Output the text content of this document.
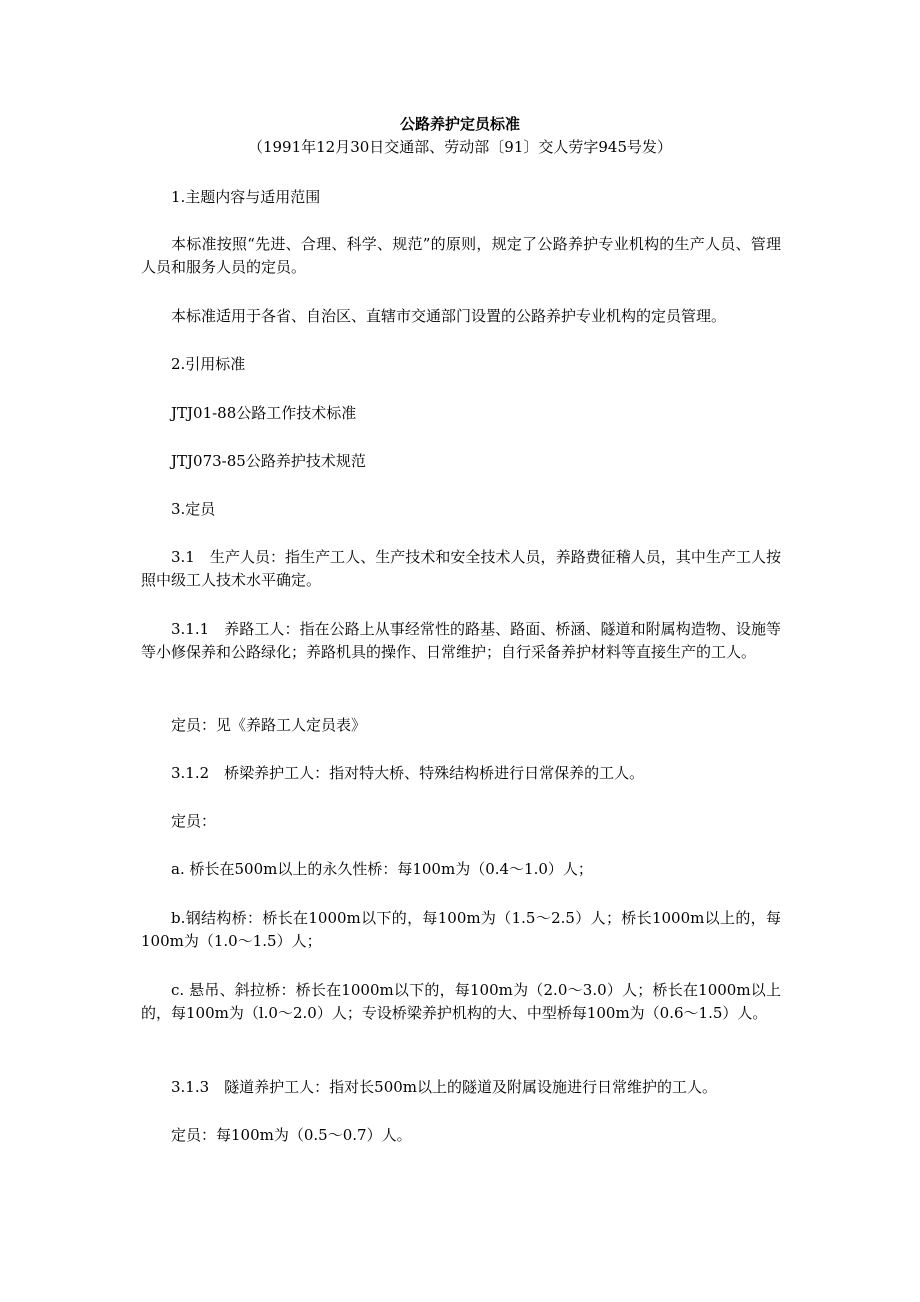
公路养护定员标准
（1991年12月30日交通部、劳动部〔91〕交人劳字945号发）

1.主题内容与适用范围

本标准按照“先进、合理、科学、规范”的原则，规定了公路养护专业机构的生产人员、管理人员和服务人员的定员。

本标准适用于各省、自治区、直辖市交通部门设置的公路养护专业机构的定员管理。

2.引用标准

JTJ01-88公路工作技术标准

JTJ073-85公路养护技术规范

3.定员

3.1　生产人员：指生产工人、生产技术和安全技术人员，养路费征稽人员，其中生产工人按照中级工人技术水平确定。

3.1.1　养路工人：指在公路上从事经常性的路基、路面、桥涵、隧道和附属构造物、设施等等小修保养和公路绿化；养路机具的操作、日常维护；自行采备养护材料等直接生产的工人。

定员：见《养路工人定员表》

3.1.2　桥梁养护工人：指对特大桥、特殊结构桥进行日常保养的工人。

定员：

a. 桥长在500m以上的永久性桥：每100m为（0.4～1.0）人；

b.钢结构桥：桥长在1000m以下的，每100m为（1.5～2.5）人；桥长1000m以上的，每100m为（1.0～1.5）人；

c. 悬吊、斜拉桥：桥长在1000m以下的，每100m为（2.0～3.0）人；桥长在1000m以上的，每100m为（l.0～2.0）人；专设桥梁养护机构的大、中型桥每100m为（0.6～1.5）人。

3.1.3　隧道养护工人：指对长500m以上的隧道及附属设施进行日常维护的工人。

定员：每100m为（0.5～0.7）人。
